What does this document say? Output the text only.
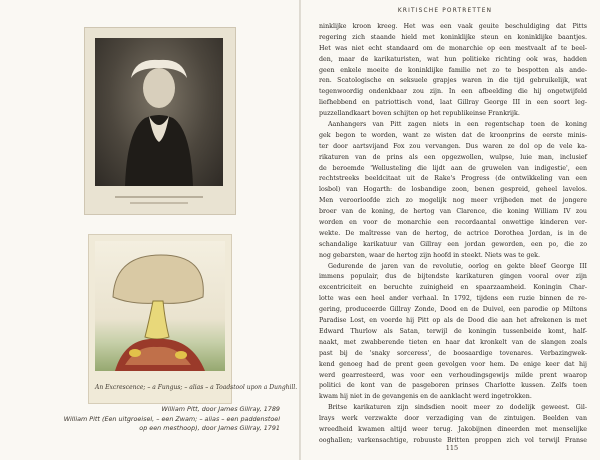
An Excrescence; – a Fungus; – alias – a Toadstool upon a Dunghill.
William Pitt, door James Gillray, 1789
William Pitt (Een uitgroeisel, – een Zwam; – alias – een paddenstoel
op een mesthoop), door James Gillray, 1791
KRITISCHE PORTRETTEN
ninklijke kroon kreeg. Het was een vaak geuite beschuldiging dat Pitts
regering zich staande hield met koninklijke steun en koninklijke baantjes.
Het was niet echt standaard om de monarchie op een mestvaalt af te beel-
den, maar de karikaturisten, wat hun politieke richting ook was, hadden
geen enkele moeite de koninklijke familie net zo te bespotten als ande-
ren. Scatologische en seksuele grapjes waren in die tijd gebruikelijk, wat
tegenwoordig ondenkbaar zou zijn. In een afbeelding die hij ongetwijfeld
liefhebbend en patriottisch vond, laat Gillray George III in een soort leg-
puzzellandkaart boven schijten op het republikeinse Frankrijk.
Aanhangers van Pitt zagen niets in een regentschap toen de koning
gek begon te worden, want ze wisten dat de kroonprins de eerste minis-
ter door aartsvijand Fox zou vervangen. Dus waren ze dol op de vele ka-
rikaturen van de prins als een opgezwollen, wulpse, luie man, inclusief
de beroemde 'Wellusteling die lijdt aan de gruwelen van indigestie', een
rechtstreeks beeldcitaat uit de Rake's Progress (de ontwikkeling van een
losbol) van Hogarth: de losbandige zoon, benen gespreid, geheel lavelos.
Men veroorloofde zich zo mogelijk nog meer vrijheden met de jongere
broer van de koning, de hertog van Clarence, die koning William IV zou
worden en voor de monarchie een recordaantal onwettige kinderen ver-
wekte. De maîtresse van de hertog, de actrice Dorothea Jordan, is in de
schandalige karikatuur van Gillray een jordan geworden, een po, die zo
nog gebarsten, waar de hertog zijn hoofd in steekt. Niets was te gek.
Gedurende de jaren van de revolutie, oorlog en gekte bleef George III
immens populair, dus de bijtendste karikaturen gingen vooral over zijn
excentriciteit en beruchte zuinigheid en spaarzaamheid. Koningin Char-
lotte was een heel ander verhaal. In 1792, tijdens een ruzie binnen de re-
gering, produceerde Gillray Zonde, Dood en de Duivel, een parodie op Miltons
Paradise Lost, en voerde hij Pitt op als de Dood die aan het afrekenen is met
Edward Thurlow als Satan, terwijl de koningin tussenbeide komt, half-
naakt, met zwabberende tieten en haar dat kronkelt van de slangen zoals
past bij de 'snaky sorceress', de boosaardige tovenares. Verbazingwek-
kend genoeg had de prent geen gevolgen voor hem. De enige keer dat hij
werd gearresteerd, was voor een verhoudingsgewijs milde prent waarop
politici de kont van de pasgeboren prinses Charlotte kussen. Zelfs toen
kwam hij niet in de gevangenis en de aanklacht werd ingetrokken.
Britse karikaturen zijn sindsdien nooit meer zo dodelijk geweest. Gil-
lrays werk verzwakte door verzadiging van de zintuigen. Beelden van
wreedheid kwamen altijd weer terug. Jakobijnen dineerden met menselijke
ooghallen; varkensachtige, robuuste Britten proppen zich vol terwijl Franse
115
